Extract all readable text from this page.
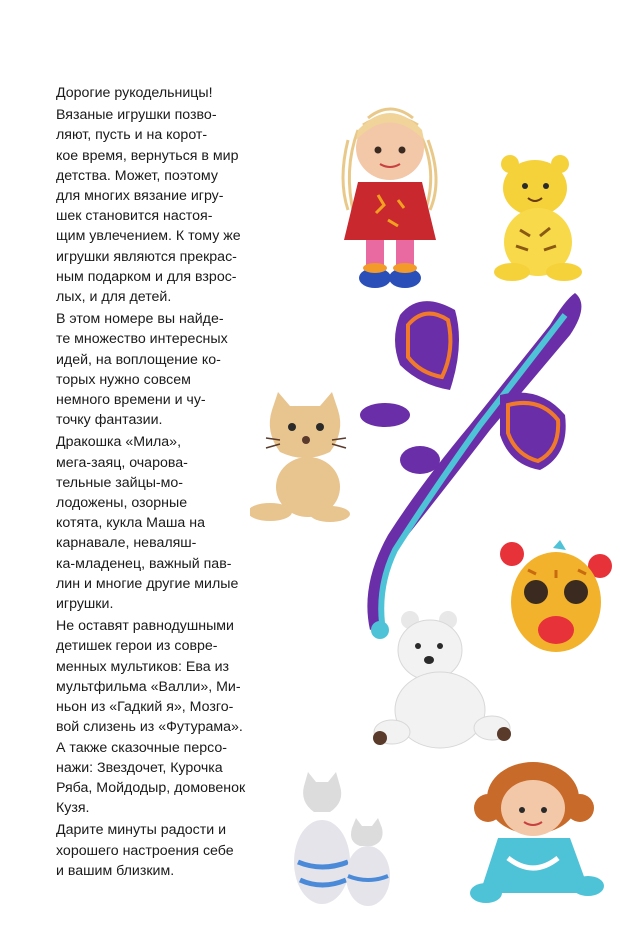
Дорогие рукодельницы!

Вязаные игрушки позво-
ляют, пусть и на корот-
кое время, вернуться в мир
детства. Может, поэтому
для многих вязание игру-
шек становится настоя-
щим увлечением. К тому же
игрушки являются прекрас-
ным подарком и для взрос-
лых, и для детей.

В этом номере вы найде-
те множество интересных
идей, на воплощение ко-
торых нужно совсем
немного времени и чу-
точку фантазии.

Дракошка «Мила»,
мега-заяц, очарова-
тельные зайцы-мо-
лодожены, озорные
котята, кукла Маша на
карнавале, неваляш-
ка-младенец, важный пав-
лин и многие другие милые
игрушки.

Не оставят равнодушными
детишек герои из совре-
менных мультиков: Ева из
мультфильма «Валли», Ми-
ньон из «Гадкий я», Мозго-
вой слизень из «Футурама».
А также сказочные персо-
нажи: Звездочет, Курочка
Ряба, Мойдодыр, домовенок
Кузя.

Дарите минуты радости и
хорошего настроения себе
и вашим близким.
